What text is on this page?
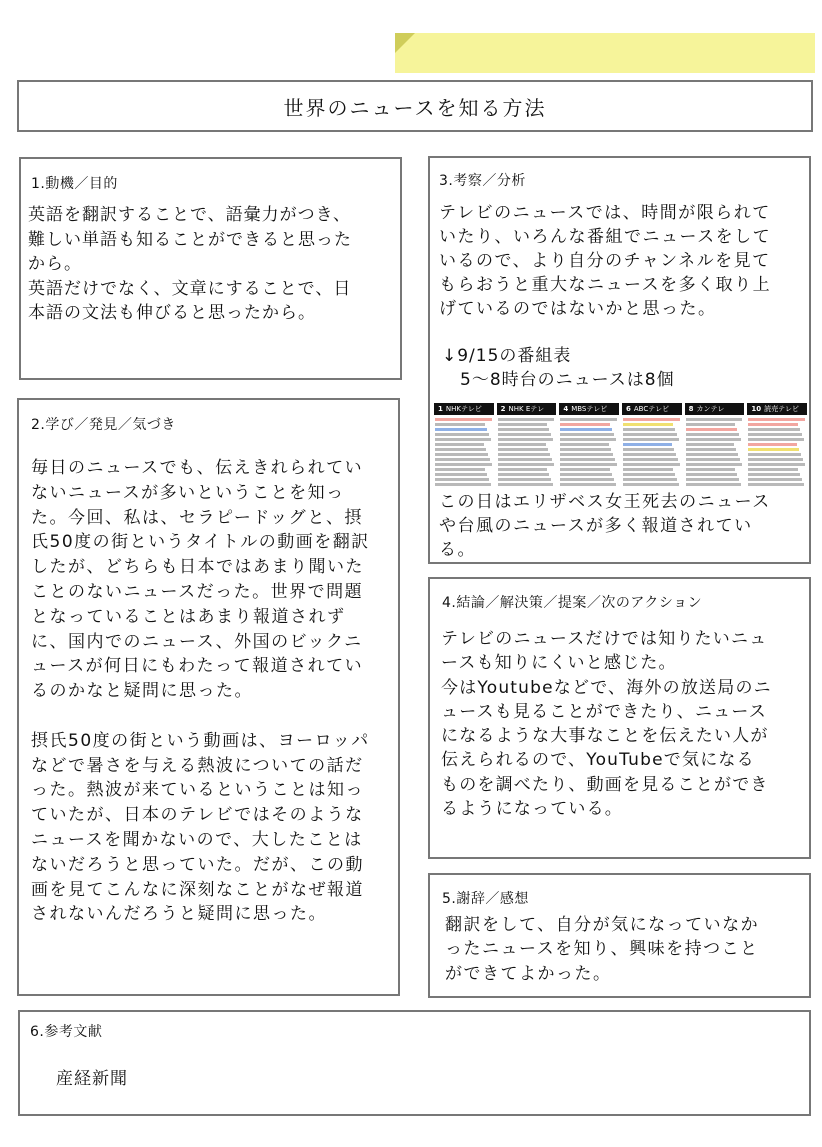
世界のニュースを知る方法
1.動機／目的
英語を翻訳することで、語彙力がつき、
難しい単語も知ることができると思った
から。
英語だけでなく、文章にすることで、日
本語の文法も伸びると思ったから。
2.学び／発見／気づき
毎日のニュースでも、伝えきれられてい
ないニュースが多いということを知っ
た。今回、私は、セラピードッグと、摂
氏50度の街というタイトルの動画を翻訳
したが、どちらも日本ではあまり聞いた
ことのないニュースだった。世界で問題
となっていることはあまり報道されず
に、国内でのニュース、外国のビックニ
ュースが何日にもわたって報道されてい
るのかなと疑問に思った。

摂氏50度の街という動画は、ヨーロッパ
などで暑さを与える熱波についての話だ
った。熱波が来ているということは知っ
ていたが、日本のテレビではそのような
ニュースを聞かないので、大したことは
ないだろうと思っていた。だが、この動
画を見てこんなに深刻なことがなぜ報道
されないんだろうと疑問に思った。
3.考察／分析
テレビのニュースでは、時間が限られて
いたり、いろんな番組でニュースをして
いるので、より自分のチャンネルを見て
もらおうと重大なニュースを多く取り上
げているのではないかと思った。
↓9/15の番組表
　5～8時台のニュースは8個
この日はエリザベス女王死去のニュース
や台風のニュースが多く報道されてい
る。
1 NHKテレビ	2 NHK Eテレ	4 MBSテレビ	6 ABCテレビ	8 カンテレ	10 読売テレビ
4.結論／解決策／提案／次のアクション
テレビのニュースだけでは知りたいニュ
ースも知りにくいと感じた。
今はYoutubeなどで、海外の放送局のニ
ュースも見ることができたり、ニュース
になるような大事なことを伝えたい人が
伝えられるので、YouTubeで気になる
ものを調べたり、動画を見ることができ
るようになっている。
5.謝辞／感想
翻訳をして、自分が気になっていなか
ったニュースを知り、興味を持つこと
ができてよかった。
6.参考文献
産経新聞
